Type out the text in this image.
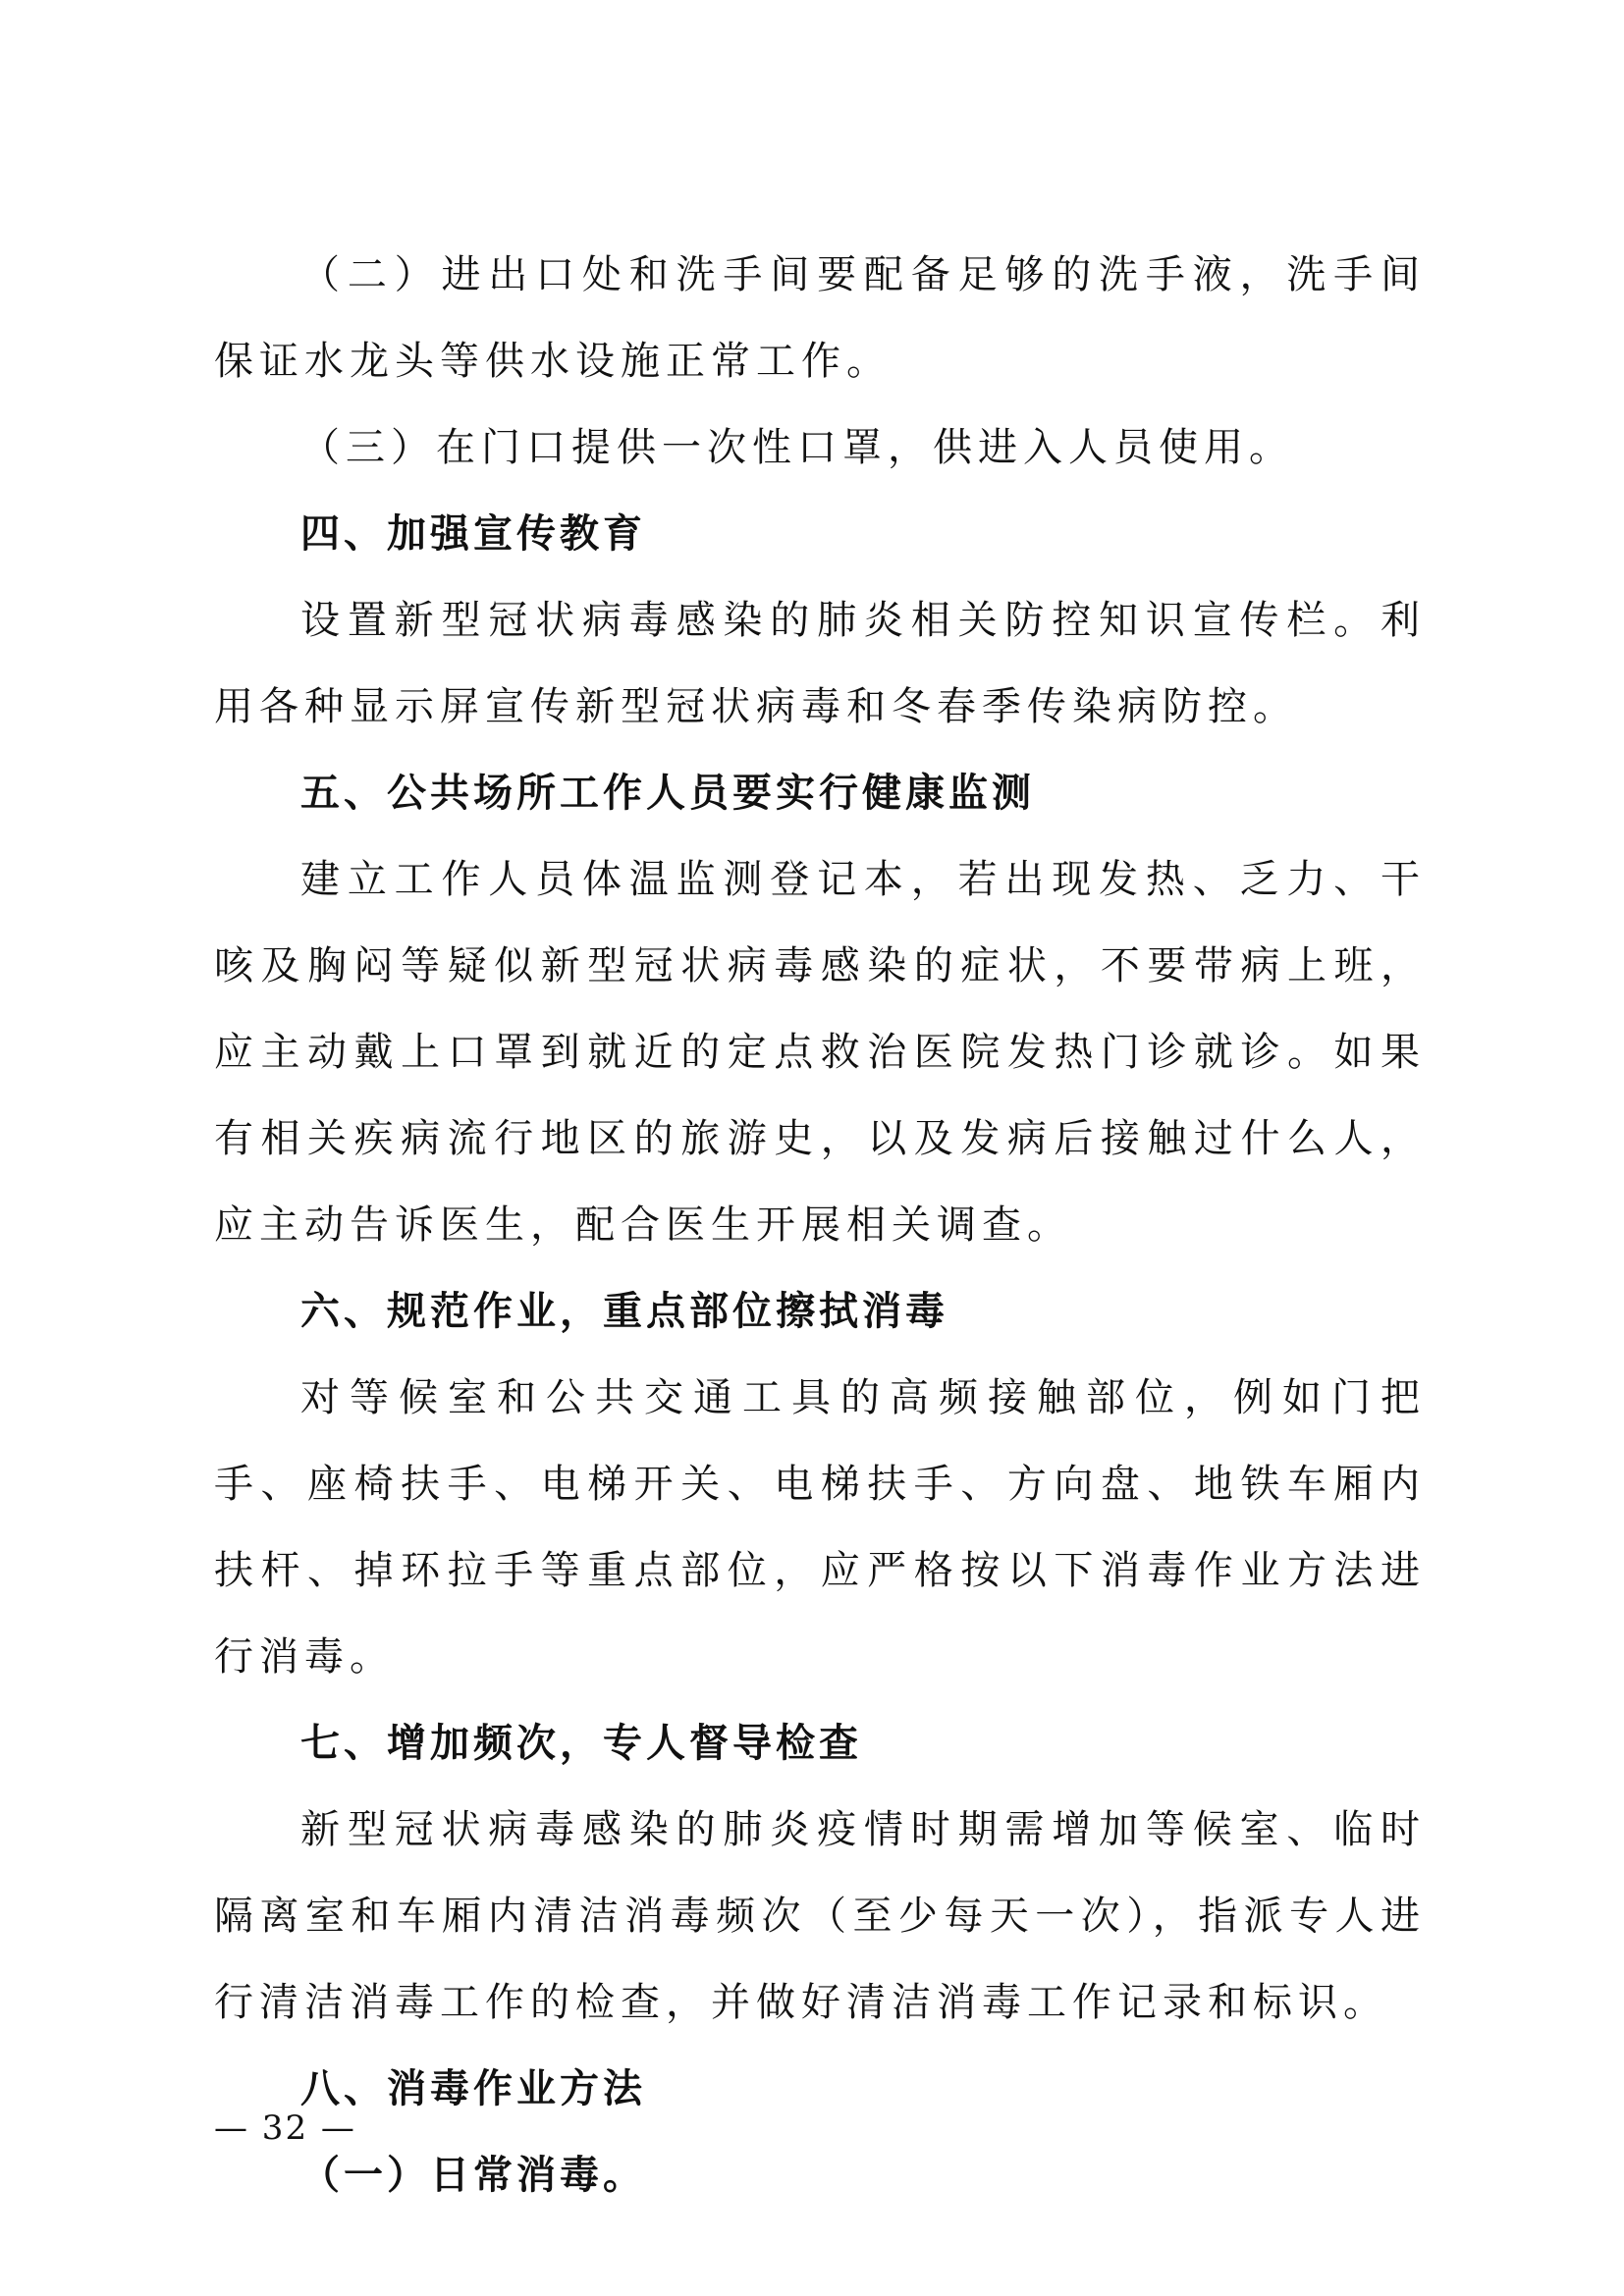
（二）进出口处和洗手间要配备足够的洗手液，洗手间保证水龙头等供水设施正常工作。

（三）在门口提供一次性口罩，供进入人员使用。

四、加强宣传教育

设置新型冠状病毒感染的肺炎相关防控知识宣传栏。利用各种显示屏宣传新型冠状病毒和冬春季传染病防控。

五、公共场所工作人员要实行健康监测

建立工作人员体温监测登记本，若出现发热、乏力、干咳及胸闷等疑似新型冠状病毒感染的症状，不要带病上班，应主动戴上口罩到就近的定点救治医院发热门诊就诊。如果有相关疾病流行地区的旅游史，以及发病后接触过什么人，应主动告诉医生，配合医生开展相关调查。

六、规范作业，重点部位擦拭消毒

对等候室和公共交通工具的高频接触部位，例如门把手、座椅扶手、电梯开关、电梯扶手、方向盘、地铁车厢内扶杆、掉环拉手等重点部位，应严格按以下消毒作业方法进行消毒。

七、增加频次，专人督导检查

新型冠状病毒感染的肺炎疫情时期需增加等候室、临时隔离室和车厢内清洁消毒频次（至少每天一次），指派专人进行清洁消毒工作的检查，并做好清洁消毒工作记录和标识。

八、消毒作业方法

（一）日常消毒。

— 32 —
